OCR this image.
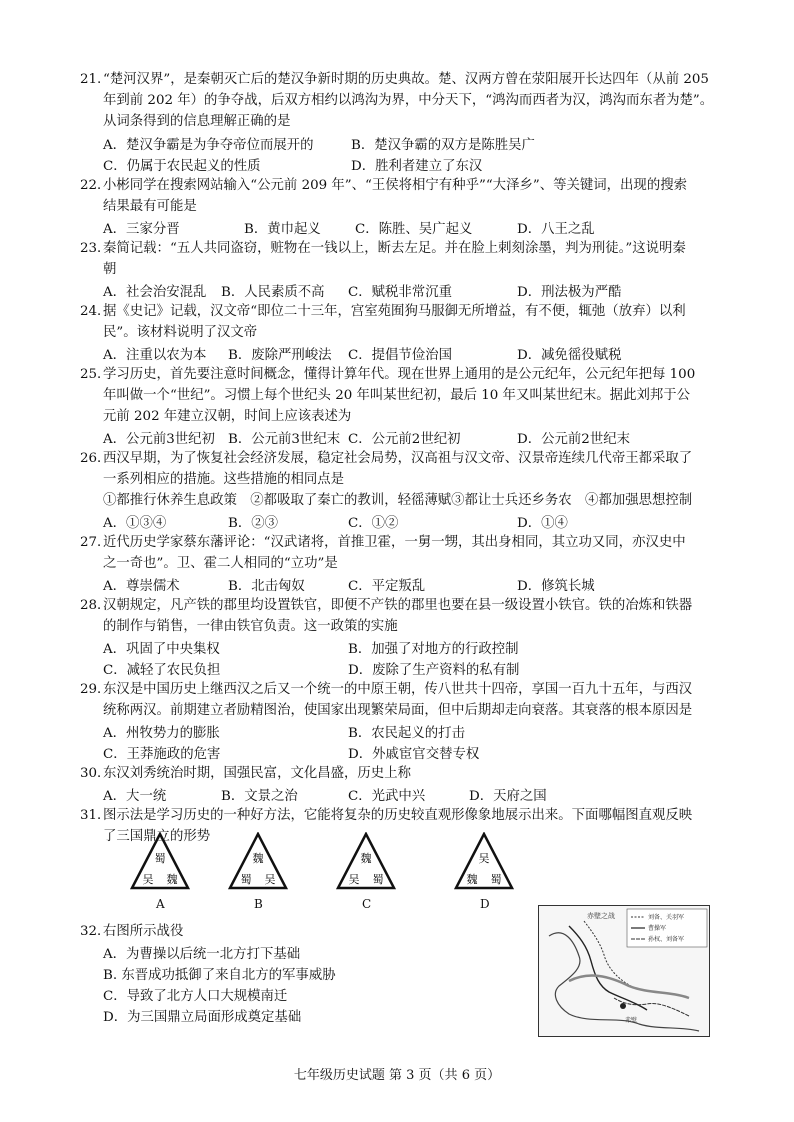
21. “楚河汉界”，是秦朝灭亡后的楚汉争新时期的历史典故。楚、汉两方曾在荥阳展开长达四年（从前 205
年到前 202 年）的争夺战，后双方相约以鸿沟为界，中分天下，“鸿沟而西者为汉，鸿沟而东者为楚”。
从词条得到的信息理解正确的是
A．楚汉争霸是为争夺帝位而展开的	B．楚汉争霸的双方是陈胜吴广
C．仍属于农民起义的性质	D．胜利者建立了东汉
22．
小彬同学在搜索网站输入“公元前 209 年”、“王侯将相宁有种乎”“大泽乡”、等关键词，出现的搜索
结果最有可能是
A．三家分晋	B．黄巾起义	C．陈胜、吴广起义	D．八王之乱
23．
秦简记载：“五人共同盗窃，赃物在一钱以上，断去左足。并在脸上刺刻涂墨，判为刑徒。”这说明秦
朝
A．社会治安混乱 B．人民素质不高 C．赋税非常沉重	D．刑法极为严酷
24．
据《史记》记载，汉文帝“即位二十三年，宫室苑囿狗马服御无所增益，有不便，辄弛（放弃）以利
民”。该材料说明了汉文帝
A．注重以农为本 B．废除严刑峻法 C．提倡节俭治国	D．减免徭役赋税
25．
学习历史，首先要注意时间概念，懂得计算年代。现在世界上通用的是公元纪年，公元纪年把每 100
年叫做一个“世纪”。习惯上每个世纪头 20 年叫某世纪初，最后 10 年又叫某世纪末。据此刘邦于公
元前 202 年建立汉朝，时间上应该表述为
A．公元前3世纪初 B．公元前3世纪末 C．公元前2世纪初	D．公元前2世纪末
26．
西汉早期，为了恢复社会经济发展，稳定社会局势，汉高祖与汉文帝、汉景帝连续几代帝王都采取了
一系列相应的措施。这些措施的相同点是
①都推行休养生息政策　②都吸取了秦亡的教训，轻徭薄赋③都让士兵还乡务农　④都加强思想控制
A．①③④	B．②③	C．①②	D．①④
27．
近代历史学家蔡东藩评论：“汉武诸将，首推卫霍，一舅一甥，其出身相同，其立功又同，亦汉史中
之一奇也”。卫、霍二人相同的“立功”是
A．尊崇儒术	B．北击匈奴	C．平定叛乱	D．修筑长城
28．
汉朝规定，凡产铁的郡里均设置铁官，即便不产铁的郡里也要在县一级设置小铁官。铁的冶炼和铁器
的制作与销售，一律由铁官负责。这一政策的实施
A．巩固了中央集权	B．加强了对地方的行政控制
C．减轻了农民负担	D．废除了生产资料的私有制
29．
东汉是中国历史上继西汉之后又一个统一的中原王朝，传八世共十四帝，享国一百九十五年，与西汉
统称两汉。前期建立者励精图治，使国家出现繁荣局面，但中后期却走向衰落。其衰落的根本原因是
A．州牧势力的膨胀	B．农民起义的打击
C．王莽施政的危害	D．外戚宦官交替专权
30．
东汉刘秀统治时期，国强民富，文化昌盛，历史上称
A．大一统	B．文景之治	C．光武中兴	D．天府之国
31．
图示法是学习历史的一种好方法，它能将复杂的历史较直观形像象地展示出来。下面哪幅图直观反映
了三国鼎立的形势
蜀
吴 魏
A
魏
蜀 吴
B
魏
吴 蜀
C
吴
魏 蜀
D
32．
右图所示战役
A．为曹操以后统一北方打下基础
B. 东晋成功抵御了来自北方的军事威胁
C．导致了北方人口大规模南迁
D．为三国鼎立局面形成奠定基础
赤壁之战	刘备、关羽军
曹操军
孙权、刘备军
赤壁
七年级历史试题 第 3 页（共 6 页）
